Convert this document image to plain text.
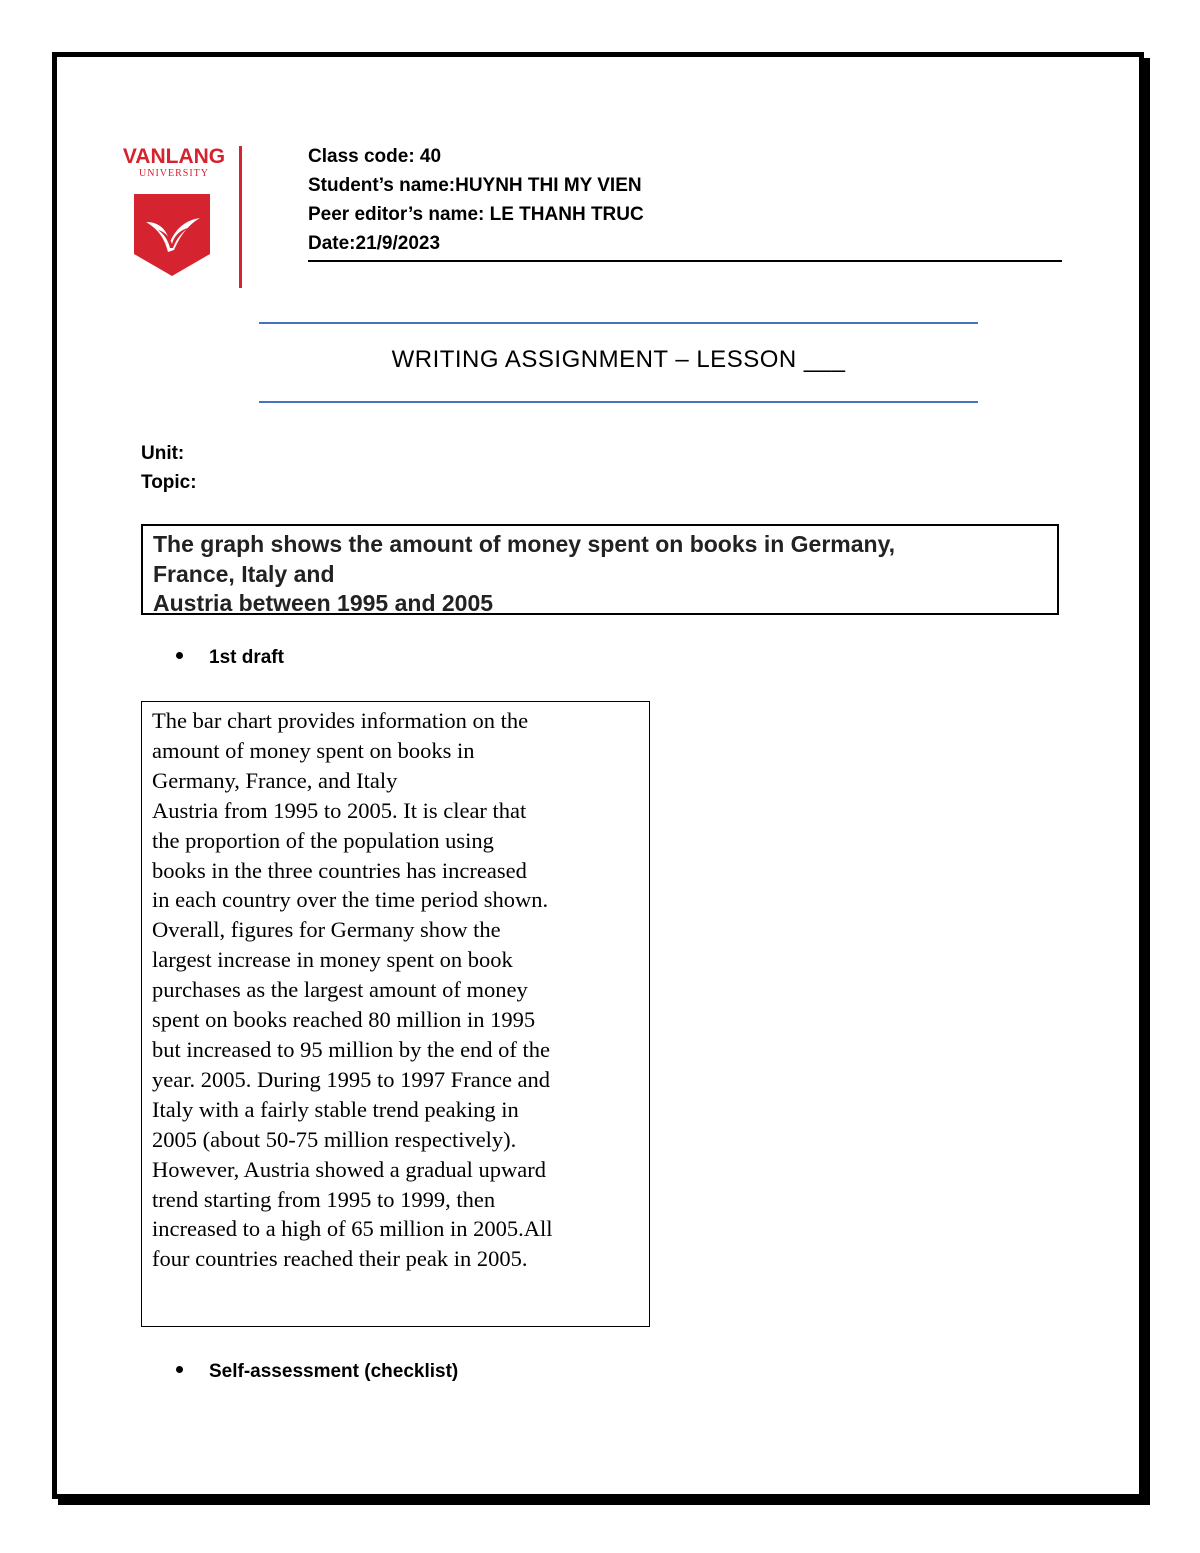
VANLANG
UNIVERSITY
Class code: 40
Student’s name:HUYNH THI MY VIEN
Peer editor’s name: LE THANH TRUC
Date:21/9/2023
WRITING ASSIGNMENT – LESSON ___
Unit:
Topic:
The graph shows the amount of money spent on books in Germany,
France, Italy and
Austria between 1995 and 2005
1st draft
The bar chart provides information on the
amount of money spent on books in
Germany, France, and Italy
Austria from 1995 to 2005. It is clear that
the proportion of the population using
books in the three countries has increased
in each country over the time period shown.
Overall, figures for Germany show the
largest increase in money spent on book
purchases as the largest amount of money
spent on books reached 80 million in 1995
but increased to 95 million by the end of the
year. 2005. During 1995 to 1997 France and
Italy with a fairly stable trend peaking in
2005 (about 50-75 million respectively).
However, Austria showed a gradual upward
trend starting from 1995 to 1999, then
increased to a high of 65 million in 2005.All
four countries reached their peak in 2005.
Self-assessment (checklist)
